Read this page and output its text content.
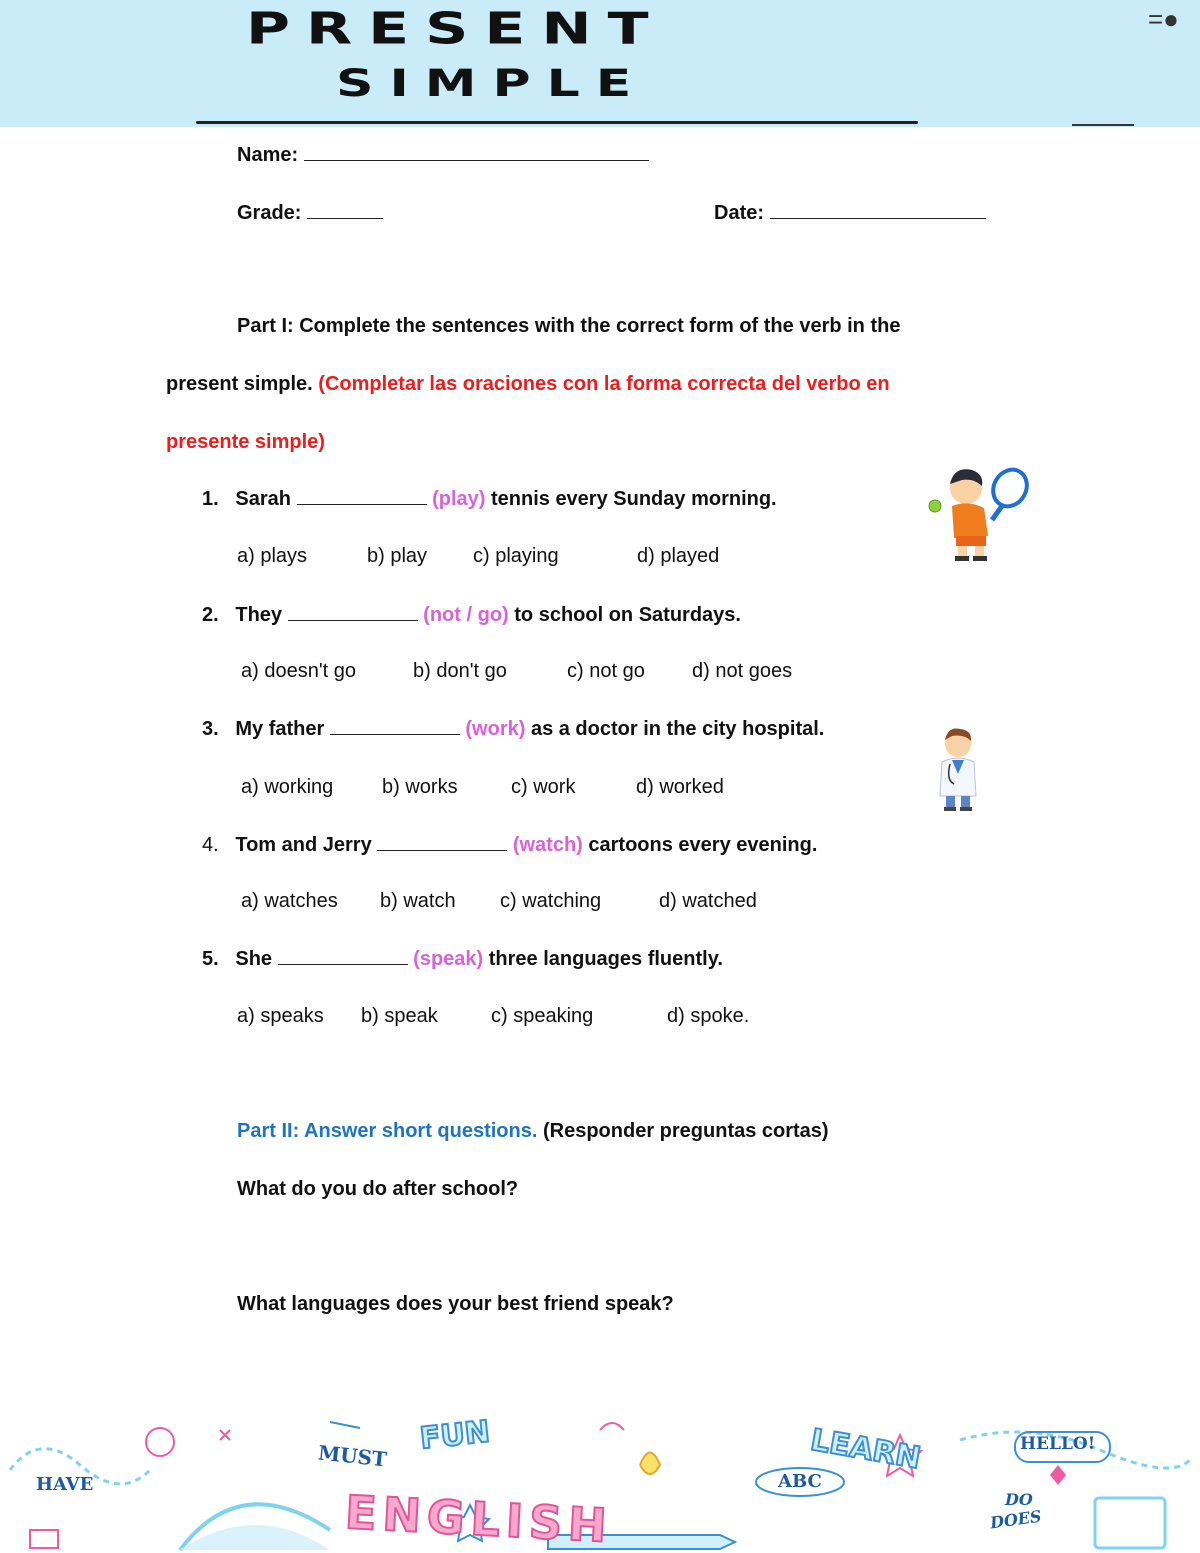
PRESENT
SIMPLE
=●
Name:
Grade:	Date:
Part I: Complete the sentences with the correct form of the verb in the
present simple. (Completar las oraciones con la forma correcta del verbo en
presente simple)
1. Sarah	(play) tennis every Sunday morning.
a) plays	b) play c) playing	d) played
2. They	(not / go) to school on Saturdays.
a) doesn't go	b) don't go	c) not go d) not goes
3. My father	(work) as a doctor in the city hospital.
a) working b) works	c) work	d) worked
4. Tom and Jerry	(watch) cartoons every evening.
a) watches b) watch c) watching	d) watched
5. She	(speak) three languages fluently.
a) speaks b) speak	c) speaking	d) spoke.
Part II: Answer short questions. (Responder preguntas cortas)
What do you do after school?
What languages does your best friend speak?
HAVE
MUST FUN	LEARN	HELLO!
ABC
DO
DOES
ENGLISH
